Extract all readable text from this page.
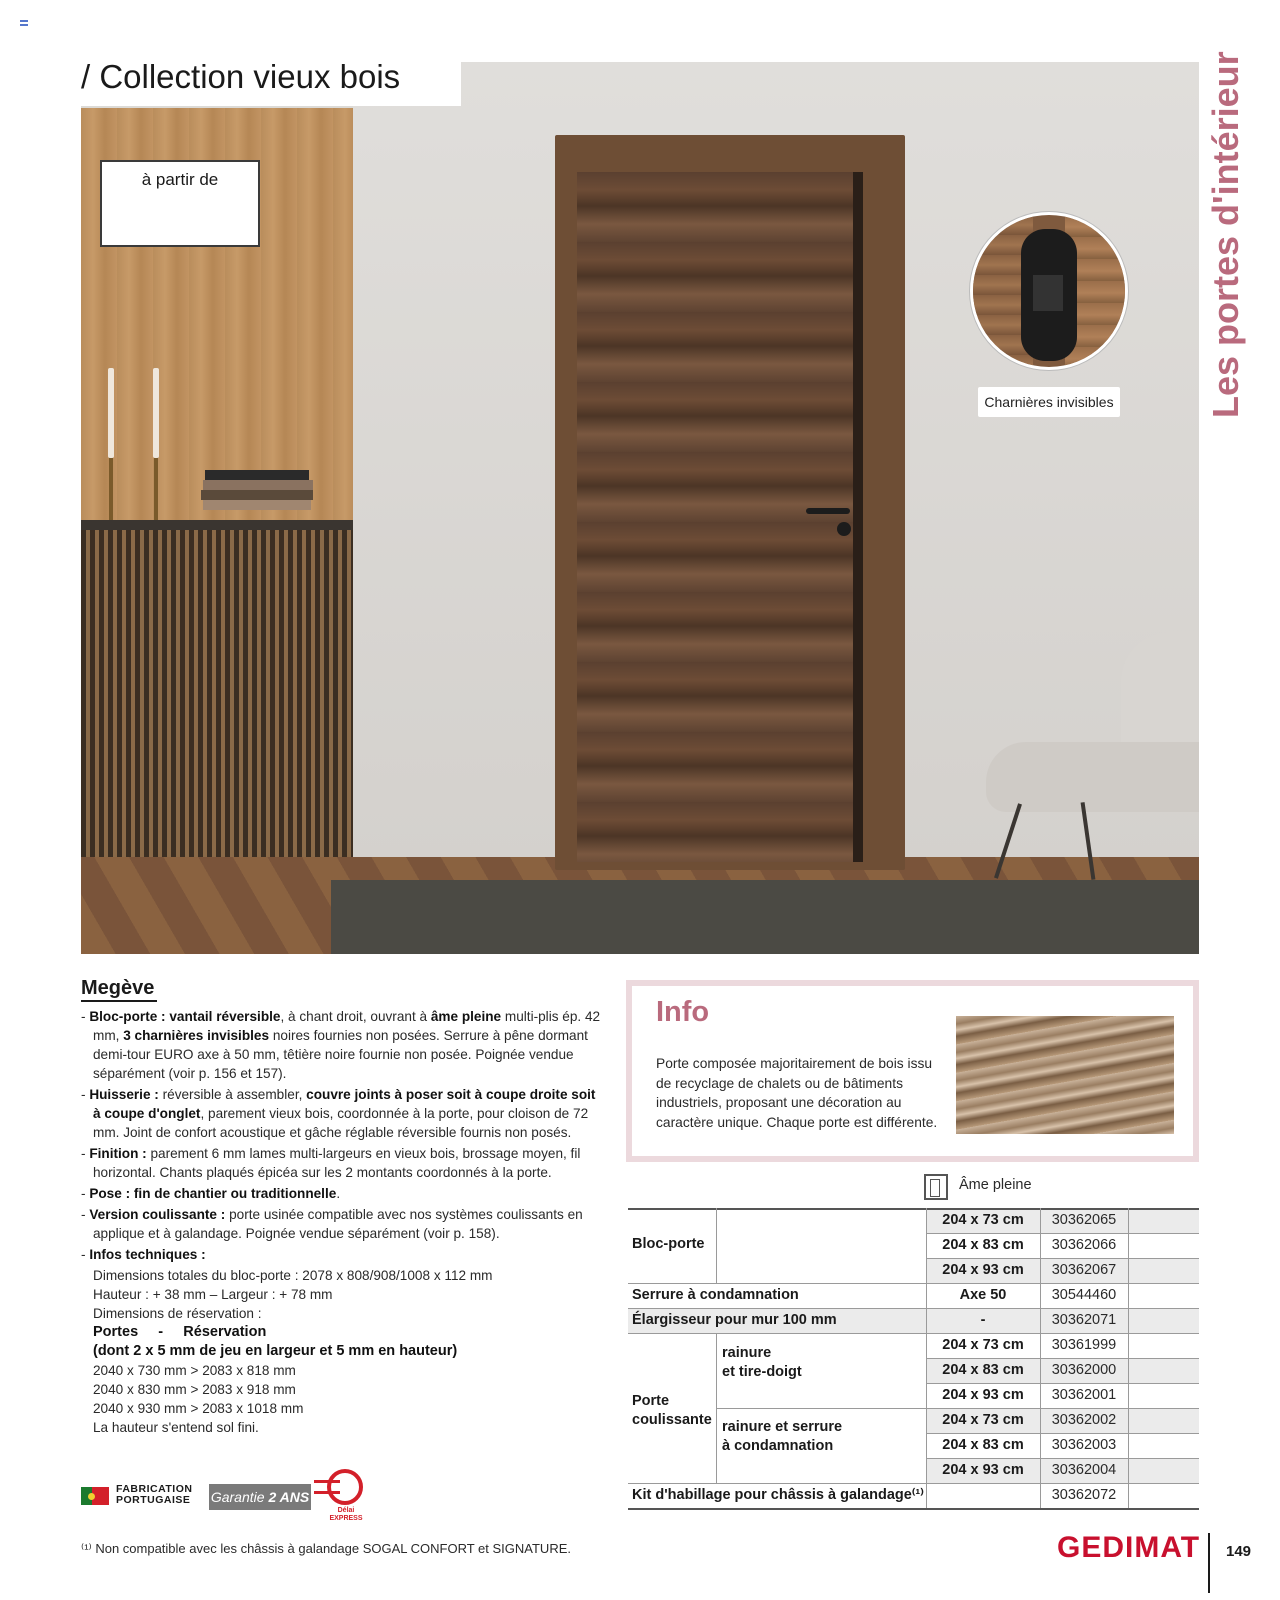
/ Collection vieux bois
à partir de
Charnières invisibles	Les portes d'intérieur
Megève
- Bloc-porte : vantail réversible, à chant droit, ouvrant à âme pleine multi-plis ép. 42 mm, 3 charnières invisibles noires fournies non posées. Serrure à pêne dormant demi-tour EURO axe à 50 mm, têtière noire fournie non posée. Poignée vendue séparément (voir p. 156 et 157).
- Huisserie : réversible à assembler, couvre joints à poser soit à coupe droite soit à coupe d'onglet, parement vieux bois, coordonnée à la porte, pour cloison de 72 mm. Joint de confort acoustique et gâche réglable réversible fournis non posés.
- Finition : parement 6 mm lames multi-largeurs en vieux bois, brossage moyen, fil horizontal. Chants plaqués épicéa sur les 2 montants coordonnés à la porte.
- Pose : fin de chantier ou traditionnelle.
- Version coulissante : porte usinée compatible avec nos systèmes coulissants en applique et à galandage. Poignée vendue séparément (voir p. 158).
- Infos techniques :
Dimensions totales du bloc-porte : 2078 x 808/908/1008 x 112 mm
Hauteur : + 38 mm – Largeur : + 78 mm
Dimensions de réservation :
Portes - Réservation
(dont 2 x 5 mm de jeu en largeur et 5 mm en hauteur)
2040 x 730 mm > 2083 x 818 mm
2040 x 830 mm > 2083 x 918 mm
2040 x 930 mm > 2083 x 1018 mm
La hauteur s'entend sol fini.
FABRICATION
PORTUGAISE Garantie 2 ANS
Délai
EXPRESS
⁽¹⁾ Non compatible avec les châssis à galandage SOGAL CONFORT et SIGNATURE.
Info
Porte composée majoritairement de bois issu de recyclage de chalets ou de bâtiments industriels, proposant une décoration au caractère unique. Chaque porte est différente.
Âme pleine
Bloc-porte
Serrure à condamnation
Élargisseur pour mur 100 mm
Porte
coulissante
rainure
et tire-doigt
rainure et serrure
à condamnation
Kit d'habillage pour châssis à galandage⁽¹⁾
204 x 73 cm
204 x 83 cm
204 x 93 cm
Axe 50
-
204 x 73 cm
204 x 83 cm
204 x 93 cm
204 x 73 cm
204 x 83 cm
204 x 93 cm
30362065
30362066
30362067
30544460
30362071
30361999
30362000
30362001
30362002
30362003
30362004
30362072
GEDIMAT 149
